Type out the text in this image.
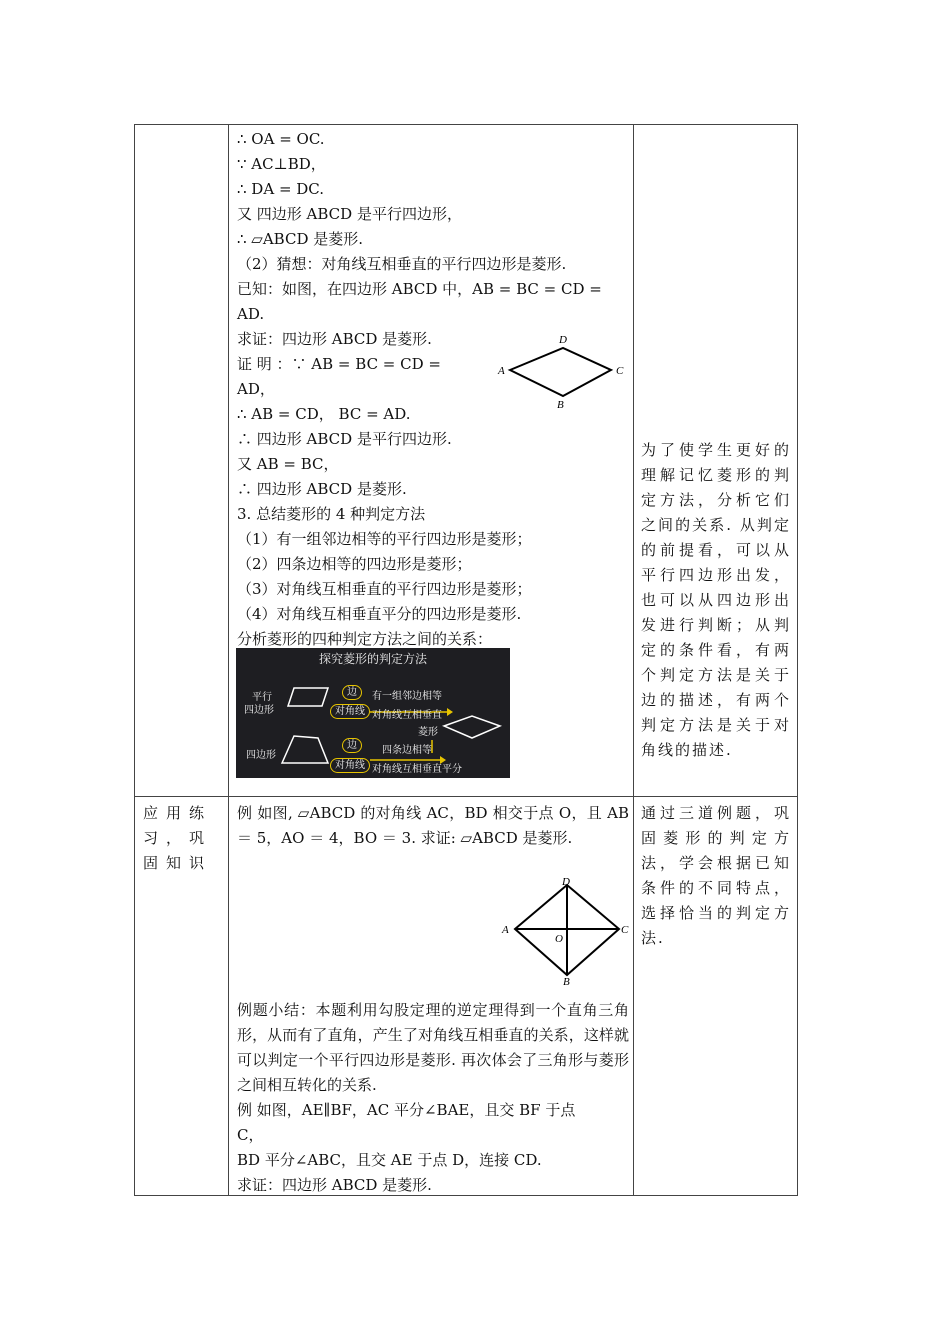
∴ OA = OC.
∵ AC⊥BD，
∴ DA = DC.
又 四边形 ABCD 是平行四边形，
∴ ▱ABCD 是菱形.
（2）猜想：对角线互相垂直的平行四边形是菱形.
已知：如图，在四边形 ABCD 中，AB = BC = CD =
AD.
求证：四边形 ABCD 是菱形.
证 明 ：∵ AB = BC = CD =
AD，
∴ AB = CD， BC = AD.
∴ 四边形 ABCD 是平行四边形.
又 AB = BC，
∴ 四边形 ABCD 是菱形.
3. 总结菱形的 4 种判定方法
（1）有一组邻边相等的平行四边形是菱形；
（2）四条边相等的四边形是菱形；
（3）对角线互相垂直的平行四边形是菱形；
（4）对角线互相垂直平分的四边形是菱形.
分析菱形的四种判定方法之间的关系：
A
D
C
B
探究菱形的判定方法
平行
四边形
四边形
边	有一组邻边相等
对角线 对角线互相垂直
菱形
边	四条边相等
对角线 对角线互相垂直平分
为了使学生更好的理解记忆菱形的判定方法，分析它们之间的关系. 从判定的前提看，可以从平行四边形出发，也可以从四边形出发进行判断；从判定的条件看，有两个判定方法是关于边的描述，有两个判定方法是关于对角线的描述.
应用练习，巩固知识
例 如图, ▱ABCD 的对角线 AC，BD 相交于点 O，且 AB ＝ 5，AO ＝ 4，BO ＝ 3. 求证: ▱ABCD 是菱形.
A
D
C
B
O
例题小结：本题利用勾股定理的逆定理得到一个直角三角形，从而有了直角，产生了对角线互相垂直的关系，这样就可以判定一个平行四边形是菱形. 再次体会了三角形与菱形之间相互转化的关系.
例 如图，AE∥BF，AC 平分∠BAE，且交 BF 于点
C，
BD 平分∠ABC，且交 AE 于点 D，连接 CD.
求证：四边形 ABCD 是菱形.
通过三道例题，巩固菱形的判定方法，学会根据已知条件的不同特点，选择恰当的判定方法.
